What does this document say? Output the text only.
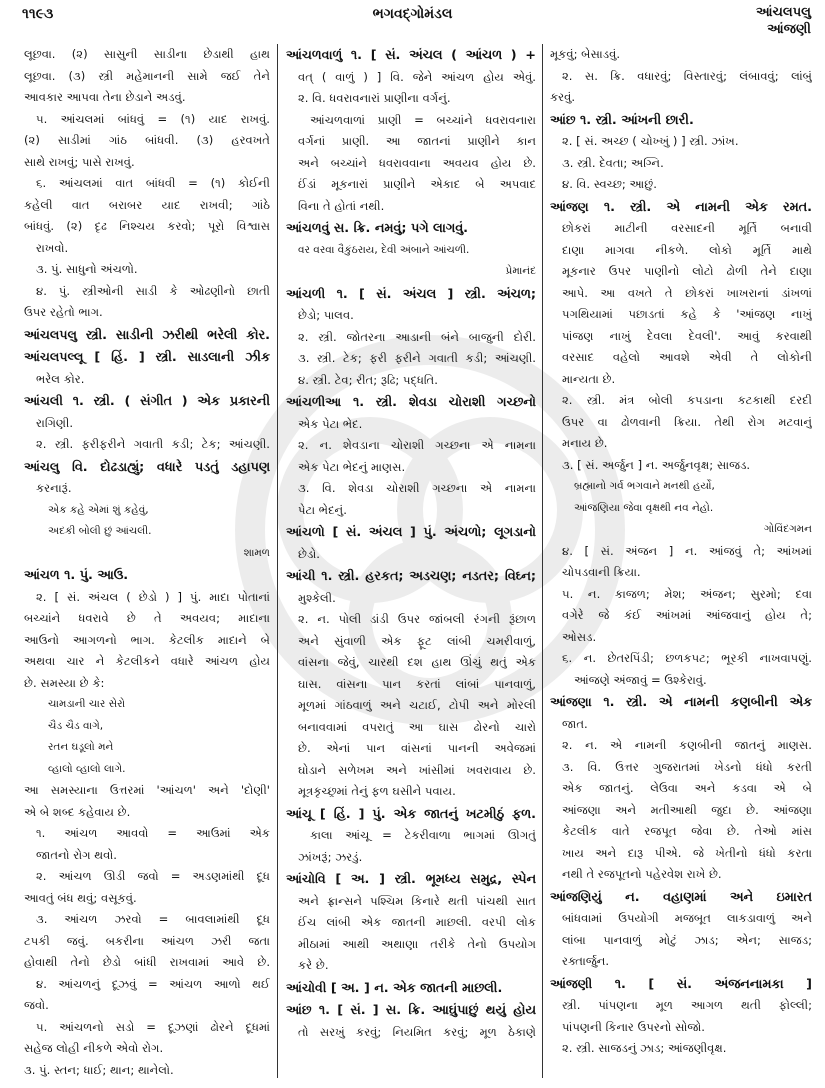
૧૧૯૩	ભગવદ્ગોમંડલ	આંચલપલુ
આંજણી
લૂછવા. (૨) સાસુની સાડીના છેડાથી હાથ
લૂછવા. (૩) સ્ત્રી મહેમાનની સામે જઈ તેને
આવકાર આપવા તેના છેડાને અડવું.
૫. આંચલમાં બાંધવું = (૧) યાદ રાખવું.
(૨) સાડીમાં ગાંઠ બાંધવી. (૩) હરવખતે
સાથે રાખવું; પાસે રાખવું.
૬. આંચલમાં વાત બાંધવી = (૧) કોઈની
કહેલી વાત બરાબર યાદ રાખવી; ગાંઠે
બાંધવું. (૨) દૃઢ નિશ્ચય કરવો; પૂરો વિશ્વાસ
રાખવો.
૩. પું. સાધુનો અંચળો.
૪. પું. સ્ત્રીઓની સાડી કે ઓઢણીનો છાતી
ઉપર રહેતો ભાગ.
આંચલપલુ સ્ત્રી. સાડીની ઝરીથી ભરેલી કોર.
આંચલપલ્લૂ [ હિં. ] સ્ત્રી. સાડલાની ઝીક
ભરેલ કોર.
આંચલી ૧. સ્ત્રી. ( સંગીત ) એક પ્રકારની
રાગિણી.
૨. સ્ત્રી. ફરીફરીને ગવાતી કડી; ટેક; આંચણી.
આંચલુ વિ. દોઢડાહ્યું; વધારે પડતું ડહાપણ
કરનારૂં.
એક કહે એમાં શું કહેવું,
અદકી બોલી છું આંચલી.
શામળ
આંચળ ૧. પું. આઉ.
૨. [ સં. અંચલ ( છેડો ) ] પું. માદા પોતાનાં
બચ્ચાંને ધવરાવે છે તે અવયવ; માદાના
આઉનો આગળનો ભાગ. કેટલીક માદાને બે
અથવા ચાર ને કેટલીકને વધારે આંચળ હોય
છે. સમસ્યા છે કે:
ચામડાની ચાર સેરો
ચૈડ ચૈડ વાગે,
રતન ઘડૂલો મને
વ્હાલો વ્હાલો લાગે.
આ સમસ્યાના ઉત્તરમાં 'આંચળ' અને 'દોણી'
એ બે શબ્દ કહેવાય છે.
૧. આંચળ આવવો = આઉમાં એક
જાતનો રોગ થવો.
૨. આંચળ ઊડી જવો = અડણમાંથી દૂધ
આવતું બંધ થવું; વસૂકવું.
૩. આંચળ ઝરવો = બાવલામાંથી દૂધ
ટપકી જવું. બકરીના આંચળ ઝરી જતા
હોવાથી તેનો છેડો બાંધી રાખવામાં આવે છે.
૪. આંચળનું દૂઝવું = આંચળ આળો થઈ
જવો.
૫. આંચળનો સડો = દૂઝણાં ઢોરને દૂધમાં
સહેજ લોહી નીકળે એવો રોગ.
૩. પું. સ્તન; ધાઈ; થાન; થાનેલો.
આંચળવાળું ૧. [ સં. અંચલ ( આંચળ ) +
વત્ ( વાળું ) ] વિ. જેને આંચળ હોય એવું.
૨. વિ. ધવરાવનારાં પ્રાણીના વર્ગનું.
આંચળવાળાં પ્રાણી = બચ્ચાંને ધવરાવનારા
વર્ગનાં પ્રાણી. આ જાતનાં પ્રાણીને કાન
અને બચ્ચાંને ધવરાવવાના અવયવ હોય છે.
ઈંડાં મૂકનારાં પ્રાણીને એકાદ બે અપવાદ
વિના તે હોતાં નથી.
આંચળવું સ. ક્રિ. નમવું; પગે લાગવું.
વર વરવા વૈકુંઠરાય, દેવી અંબાને આંચળી.
પ્રેમાનંદ
આંચળી ૧. [ સં. અંચલ ] સ્ત્રી. અંચળ;
છેડો; પાલવ.
૨. સ્ત્રી. જોતરના આડાની બંને બાજુની દોરી.
૩. સ્ત્રી. ટેક; ફરી ફરીને ગવાતી કડી; આંચણી.
૪. સ્ત્રી. ટેવ; રીત; રૂઢિ; પદ્ધતિ.
આંચળીઆ ૧. સ્ત્રી. શેવડા ચોરાશી ગચ્છનો
એક પેટા ભેદ.
૨. ન. શેવડાના ચોરાશી ગચ્છના એ નામના
એક પેટા ભેદનું માણસ.
૩. વિ. શેવડા ચોરાશી ગચ્છના એ નામના
પેટા ભેદનું.
આંચળો [ સં. અંચલ ] પું. અંચળો; લૂગડાનો
છેડો.
આંચી ૧. સ્ત્રી. હરકત; અડચણ; નડતર; વિઘ્ન;
મુશ્કેલી.
૨. ન. પોલી ડાંડી ઉપર જાંબલી રંગની રૂંછાળ
અને સુંવાળી એક ફૂટ લાંબી ચમરીવાળું,
વાંસના જેવું, ચારથી દશ હાથ ઊંચું થતું એક
ઘાસ. વાંસના પાન કરતાં લાંબાં પાનવાળું,
મૂળમાં ગાંઠવાળું અને ચટાઈ, ટોપી અને મોરલી
બનાવવામાં વપરાતું આ ઘાસ ઢોરનો ચારો
છે. એનાં પાન વાંસનાં પાનની અવેજમાં
ઘોડાને સળેખમ અને ખાંસીમાં ખવરાવાય છે.
મૂત્રકૃચ્છ્રમાં તેનું ફળ ઘસીને પવાય.
આંચૂ [ હિં. ] પું. એક જાતનું ખટમીઠું ફળ.
કાલા આંચૂ = ટેકરીવાળા ભાગમાં ઊગતું
ઝાંખરૂં; ઝરડું.
આંચોવિ [ અ. ] સ્ત્રી. ભૂમધ્ય સમુદ્ર, સ્પેન
અને ફ્રાન્સને પશ્ચિમ કિનારે થતી પાંચથી સાત
ઈંચ લાંબી એક જાતની માછલી. વરપી લોક
મીઠામાં આથી અથાણા તરીકે તેનો ઉપયોગ
કરે છે.
આંચોવી [ અ. ] ન. એક જાતની માછલી.
આંછ ૧. [ સં. ] સ. ક્રિ. આઘુંપાછું થયું હોય
તો સરખું કરવું; નિયમિત કરવું; મૂળ ઠેકાણે
મૂકવું; બેસાડવું.
૨. સ. ક્રિ. વધારવું; વિસ્તારવું; લંબાવવું; લાંબું
કરવું.
આંછ ૧. સ્ત્રી. આંખની છારી.
૨. [ સં. અચ્છ ( ચોખ્ખું ) ] સ્ત્રી. ઝાંખ.
૩. સ્ત્રી. દેવતા; અગ્નિ.
૪. વિ. સ્વચ્છ; આછું.
આંજણ ૧. સ્ત્રી. એ નામની એક રમત.
છોકરાં માટીની વરસાદની મૂર્તિ બનાવી
દાણા માગવા નીકળે. લોકો મૂર્તિ માથે
મૂકનાર ઉપર પાણીનો લોટો ઢોળી તેને દાણા
આપે. આ વખતે તે છોકરાં ખાખરાનાં ડાંખળાં
પગથિયામાં પછાડતાં કહે કે 'આંજણ નાખું
પાંજણ નાખું દેવલા દેવલી'. આવું કરવાથી
વરસાદ વહેલો આવશે એવી તે લોકોની
માન્યતા છે.
૨. સ્ત્રી. મંત્ર બોલી કપડાના કટકાથી દરદી
ઉપર વા ઢોળવાની ક્રિયા. તેથી રોગ મટવાનું
મનાય છે.
૩. [ સં. અર્જુન ] ન. અર્જુનવૃક્ષ; સાજડ.
બ્રહ્માનો ગર્વ ભગવાને મનથી હર્યો,
આંજણિયા જેવા વૃક્ષથી નવ નેહો.
ગોવિંદગમન
૪. [ સં. અંજન ] ન. આંજવું તે; આંખમાં
ચોપડવાની ક્રિયા.
૫. ન. કાજળ; મેશ; અંજન; સુરમો; દવા
વગેરે જે કંઈ આંખમાં આંજવાનું હોય તે;
ઓસડ.
૬. ન. છેતરપિંડી; છળકપટ; ભૂરકી નાખવાપણું.
આંજણે અંજાવું = ઉશ્કેરાવું.
આંજણા ૧. સ્ત્રી. એ નામની કણબીની એક
જાત.
૨. ન. એ નામની કણબીની જાતનું માણસ.
૩. વિ. ઉત્તર ગુજરાતમાં ખેડનો ધંધો કરતી
એક જાતનું. લેઉવા અને કડવા એ બે
આંજણા અને મતીઆથી જુદા છે. આંજણા
કેટલીક વાતે રજપૂત જેવા છે. તેઓ માંસ
ખાય અને દારૂ પીએ. જે ખેતીનો ધંધો કરતા
નથી તે રજપૂતનો પહેરવેશ રાખે છે.
આંજણિયું ન. વહાણમાં અને ઇમારત
બાંધવામાં ઉપયોગી મજબૂત લાકડાવાળું અને
લાંબા પાનવાળું મોટું ઝાડ; એન; સાજડ;
રક્તાર્જુન.
આંજણી ૧. [ સં. અંજનનામકા ]
સ્ત્રી. પાંપણના મૂળ આગળ થતી ફોલ્લી;
પાંપણની કિનાર ઉપરનો સોજો.
૨. સ્ત્રી. સાજડનું ઝાડ; આંજણીવૃક્ષ.
